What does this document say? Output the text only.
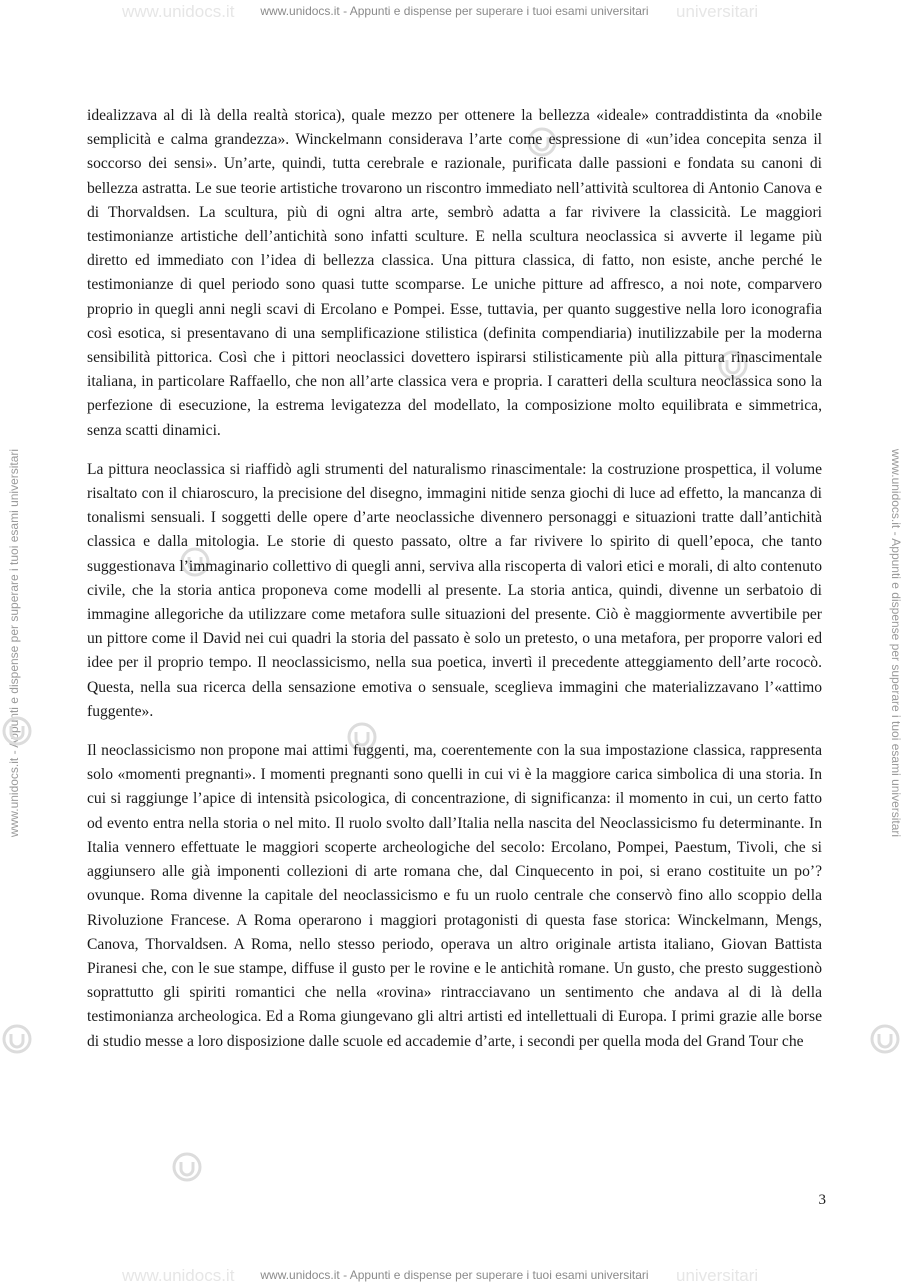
www.unidocs.it	universitari
www.unidocs.it	universitari
www.unidocs.it - Appunti e dispense per superare i tuoi esami universitari
www.unidocs.it - Appunti e dispense per superare i tuoi esami universitari
www.unidocs.it - Appunti e dispense per superare i tuoi esami universitari	www.unidocs.it - Appunti e dispense per superare i tuoi esami universitari

idealizzava al di là della realtà storica), quale mezzo per ottenere la bellezza «ideale» contraddistinta da «nobile semplicità e calma grandezza». Winckelmann considerava l’arte come espressione di «un’idea concepita senza il soccorso dei sensi». Un’arte, quindi, tutta cerebrale e razionale, purificata dalle passioni e fondata su canoni di bellezza astratta. Le sue teorie artistiche trovarono un riscontro immediato nell’attività scultorea di Antonio Canova e di Thorvaldsen. La scultura, più di ogni altra arte, sembrò adatta a far rivivere la classicità. Le maggiori testimonianze artistiche dell’antichità sono infatti sculture. E nella scultura neoclassica si avverte il legame più diretto ed immediato con l’idea di bellezza classica. Una pittura classica, di fatto, non esiste, anche perché le testimonianze di quel periodo sono quasi tutte scomparse. Le uniche pitture ad affresco, a noi note, comparvero proprio in quegli anni negli scavi di Ercolano e Pompei. Esse, tuttavia, per quanto suggestive nella loro iconografia così esotica, si presentavano di una semplificazione stilistica (definita compendiaria) inutilizzabile per la moderna sensibilità pittorica. Così che i pittori neoclassici dovettero ispirarsi stilisticamente più alla pittura rinascimentale italiana, in particolare Raffaello, che non all’arte classica vera e propria. I caratteri della scultura neoclassica sono la perfezione di esecuzione, la estrema levigatezza del modellato, la composizione molto equilibrata e simmetrica, senza scatti dinamici.

La pittura neoclassica si riaffidò agli strumenti del naturalismo rinascimentale: la costruzione prospettica, il volume risaltato con il chiaroscuro, la precisione del disegno, immagini nitide senza giochi di luce ad effetto, la mancanza di tonalismi sensuali. I soggetti delle opere d’arte neoclassiche divennero personaggi e situazioni tratte dall’antichità classica e dalla mitologia. Le storie di questo passato, oltre a far rivivere lo spirito di quell’epoca, che tanto suggestionava l’immaginario collettivo di quegli anni, serviva alla riscoperta di valori etici e morali, di alto contenuto civile, che la storia antica proponeva come modelli al presente. La storia antica, quindi, divenne un serbatoio di immagine allegoriche da utilizzare come metafora sulle situazioni del presente. Ciò è maggiormente avvertibile per un pittore come il David nei cui quadri la storia del passato è solo un pretesto, o una metafora, per proporre valori ed idee per il proprio tempo. Il neoclassicismo, nella sua poetica, invertì il precedente atteggiamento dell’arte rococò. Questa, nella sua ricerca della sensazione emotiva o sensuale, sceglieva immagini che materializzavano l’«attimo fuggente».

Il neoclassicismo non propone mai attimi fuggenti, ma, coerentemente con la sua impostazione classica, rappresenta solo «momenti pregnanti». I momenti pregnanti sono quelli in cui vi è la maggiore carica simbolica di una storia. In cui si raggiunge l’apice di intensità psicologica, di concentrazione, di significanza: il momento in cui, un certo fatto od evento entra nella storia o nel mito. Il ruolo svolto dall’Italia nella nascita del Neoclassicismo fu determinante. In Italia vennero effettuate le maggiori scoperte archeologiche del secolo: Ercolano, Pompei, Paestum, Tivoli, che si aggiunsero alle già imponenti collezioni di arte romana che, dal Cinquecento in poi, si erano costituite un po’? ovunque. Roma divenne la capitale del neoclassicismo e fu un ruolo centrale che conservò fino allo scoppio della Rivoluzione Francese. A Roma operarono i maggiori protagonisti di questa fase storica: Winckelmann, Mengs, Canova, Thorvaldsen. A Roma, nello stesso periodo, operava un altro originale artista italiano, Giovan Battista Piranesi che, con le sue stampe, diffuse il gusto per le rovine e le antichità romane. Un gusto, che presto suggestionò soprattutto gli spiriti romantici che nella «rovina» rintracciavano un sentimento che andava al di là della testimonianza archeologica. Ed a Roma giungevano gli altri artisti ed intellettuali di Europa. I primi grazie alle borse di studio messe a loro disposizione dalle scuole ed accademie d’arte, i secondi per quella moda del Grand Tour che

3
